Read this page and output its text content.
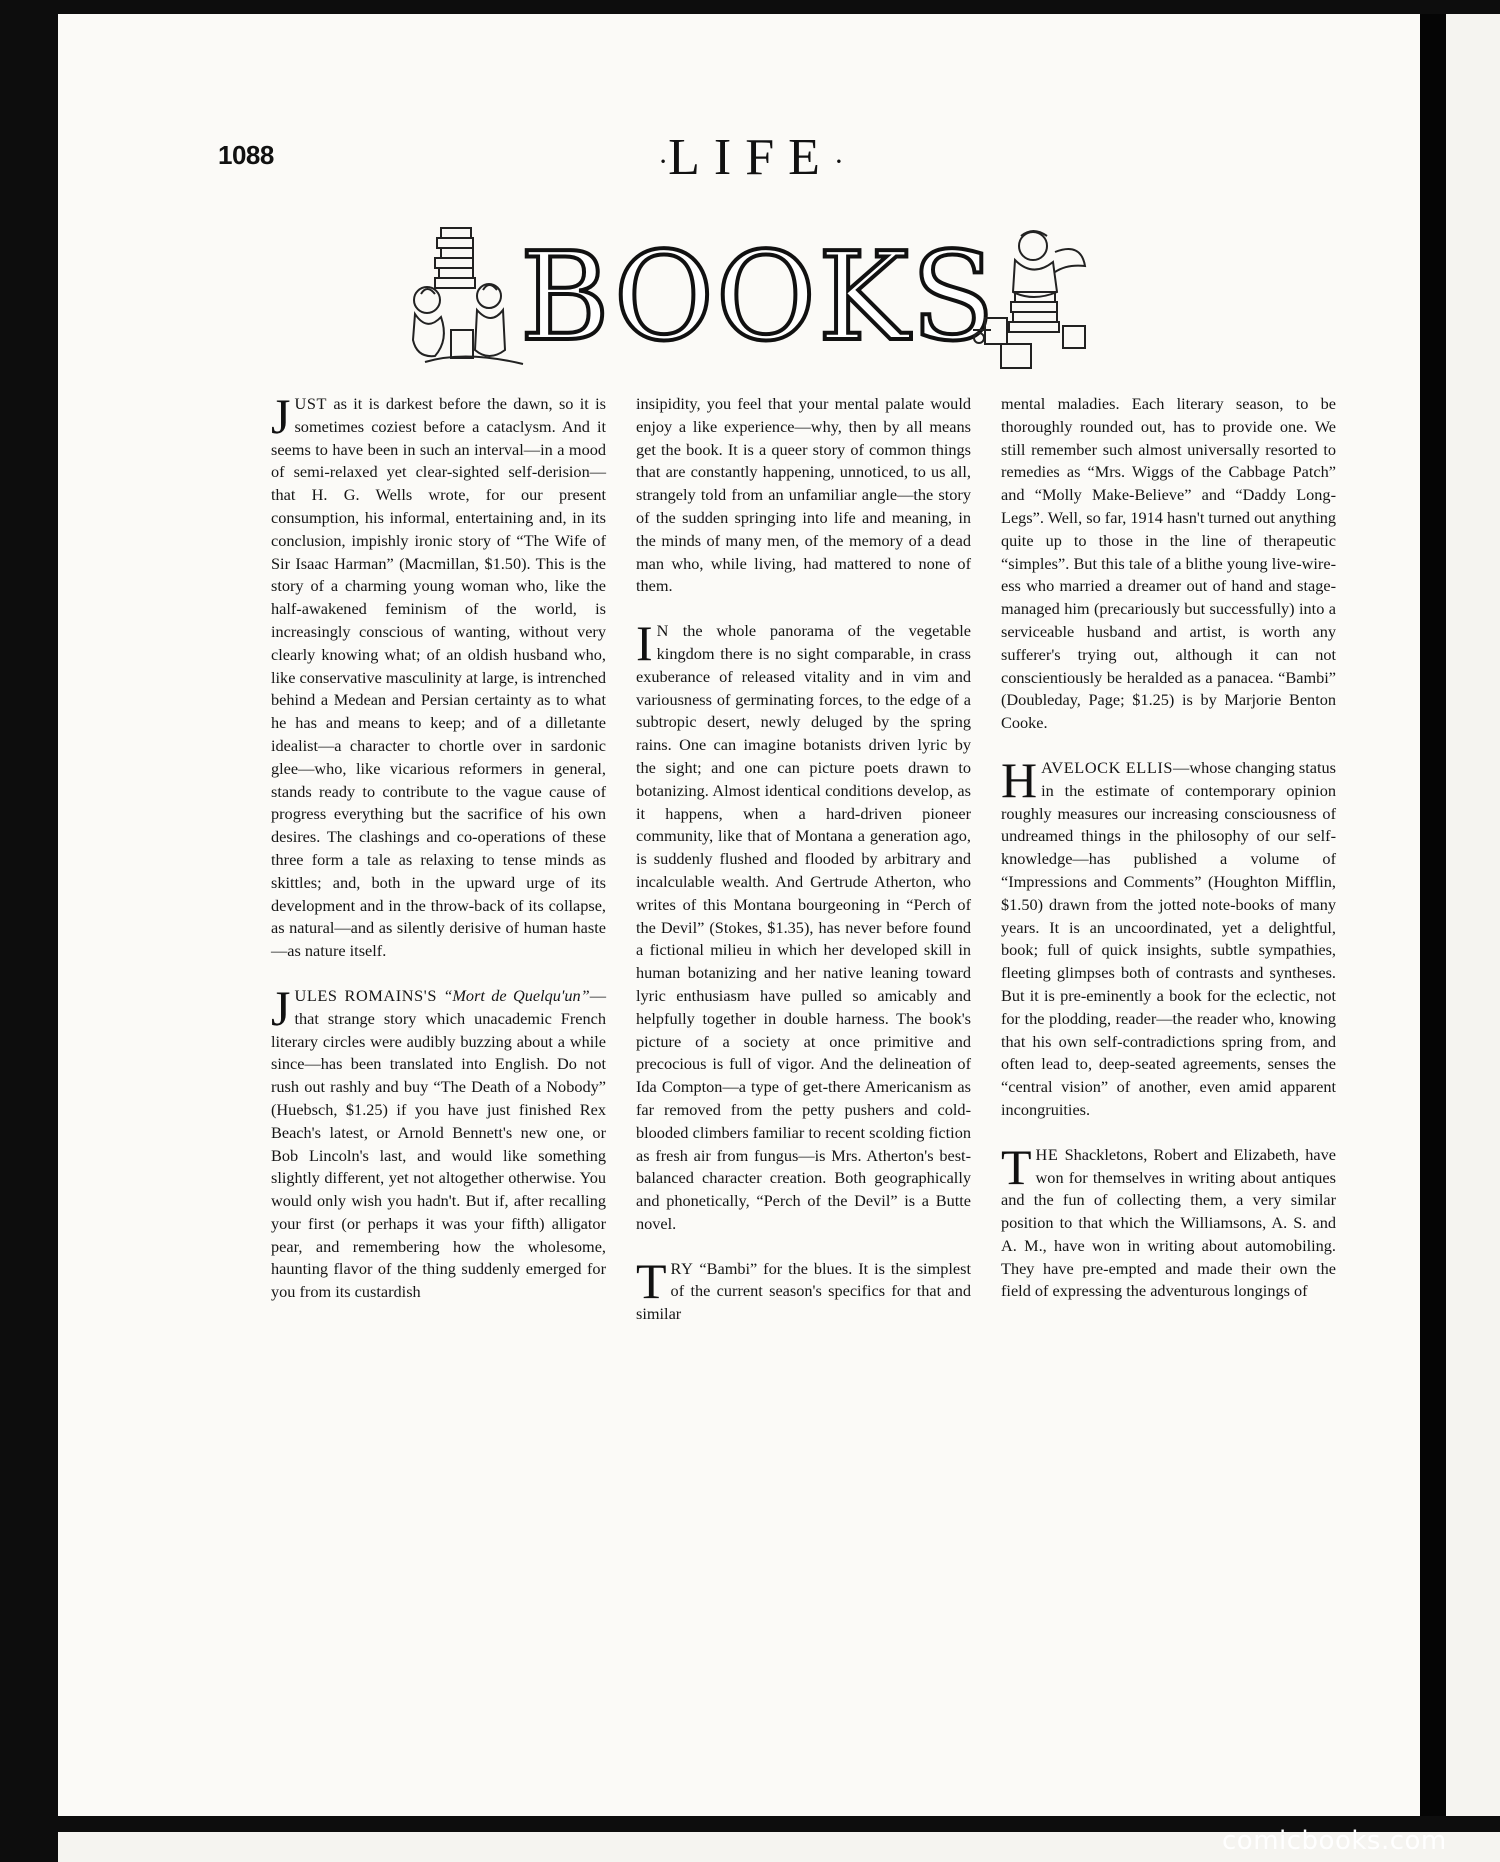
1088	·LIFE·
BOOKS

JUST as it is darkest before the dawn, so it is sometimes coziest before a cataclysm. And it seems to have been in such an interval—in a mood of semi-relaxed yet clear-sighted self-derision—that H. G. Wells wrote, for our present consumption, his informal, entertaining and, in its conclusion, impishly ironic story of “The Wife of Sir Isaac Harman” (Macmillan, $1.50). This is the story of a charming young woman who, like the half-awakened feminism of the world, is increasingly conscious of wanting, without very clearly knowing what; of an oldish husband who, like conservative masculinity at large, is intrenched behind a Medean and Persian certainty as to what he has and means to keep; and of a dilletante idealist—a character to chortle over in sardonic glee—who, like vicarious reformers in general, stands ready to contribute to the vague cause of progress everything but the sacrifice of his own desires. The clashings and co-operations of these three form a tale as relaxing to tense minds as skittles; and, both in the upward urge of its development and in the throw-back of its collapse, as natural—and as silently derisive of human haste—as nature itself.

JULES ROMAINS'S “Mort de Quelqu'un”—that strange story which unacademic French literary circles were audibly buzzing about a while since—has been translated into English. Do not rush out rashly and buy “The Death of a Nobody” (Huebsch, $1.25) if you have just finished Rex Beach's latest, or Arnold Bennett's new one, or Bob Lincoln's last, and would like something slightly different, yet not altogether otherwise. You would only wish you hadn't. But if, after recalling your first (or perhaps it was your fifth) alligator pear, and remembering how the wholesome, haunting flavor of the thing suddenly emerged for you from its custardish

insipidity, you feel that your mental palate would enjoy a like experience—why, then by all means get the book. It is a queer story of common things that are constantly happening, unnoticed, to us all, strangely told from an unfamiliar angle—the story of the sudden springing into life and meaning, in the minds of many men, of the memory of a dead man who, while living, had mattered to none of them.

I N the whole panorama of the vegetable kingdom there is no sight comparable, in crass exuberance of released vitality and in vim and variousness of germinating forces, to the edge of a subtropic desert, newly deluged by the spring rains. One can imagine botanists driven lyric by the sight; and one can picture poets drawn to botanizing. Almost identical conditions develop, as it happens, when a hard-driven pioneer community, like that of Montana a generation ago, is suddenly flushed and flooded by arbitrary and incalculable wealth. And Gertrude Atherton, who writes of this Montana bourgeoning in “Perch of the Devil” (Stokes, $1.35), has never before found a fictional milieu in which her developed skill in human botanizing and her native leaning toward lyric enthusiasm have pulled so amicably and helpfully together in double harness. The book's picture of a society at once primitive and precocious is full of vigor. And the delineation of Ida Compton—a type of get-there Americanism as far removed from the petty pushers and cold-blooded climbers familiar to recent scolding fiction as fresh air from fungus—is Mrs. Atherton's best-balanced character creation. Both geographically and phonetically, “Perch of the Devil” is a Butte novel.

TRY “Bambi” for the blues. It is the simplest of the current season's specifics for that and similar

mental maladies. Each literary season, to be thoroughly rounded out, has to provide one. We still remember such almost universally resorted to remedies as “Mrs. Wiggs of the Cabbage Patch” and “Molly Make-Believe” and “Daddy Long-Legs”. Well, so far, 1914 hasn't turned out anything quite up to those in the line of therapeutic “simples”. But this tale of a blithe young live-wire-ess who married a dreamer out of hand and stage-managed him (precariously but successfully) into a serviceable husband and artist, is worth any sufferer's trying out, although it can not conscientiously be heralded as a panacea. “Bambi” (Doubleday, Page; $1.25) is by Marjorie Benton Cooke.

HAVELOCK ELLIS—whose changing status in the estimate of contemporary opinion roughly measures our increasing consciousness of undreamed things in the philosophy of our self-knowledge—has published a volume of “Impressions and Comments” (Houghton Mifflin, $1.50) drawn from the jotted note-books of many years. It is an uncoordinated, yet a delightful, book; full of quick insights, subtle sympathies, fleeting glimpses both of contrasts and syntheses. But it is pre-eminently a book for the eclectic, not for the plodding, reader—the reader who, knowing that his own self-contradictions spring from, and often lead to, deep-seated agreements, senses the “central vision” of another, even amid apparent incongruities.

THE Shackletons, Robert and Elizabeth, have won for themselves in writing about antiques and the fun of collecting them, a very similar position to that which the Williamsons, A. S. and A. M., have won in writing about automobiling. They have pre-empted and made their own the field of expressing the adventurous longings of

comicbooks.com
